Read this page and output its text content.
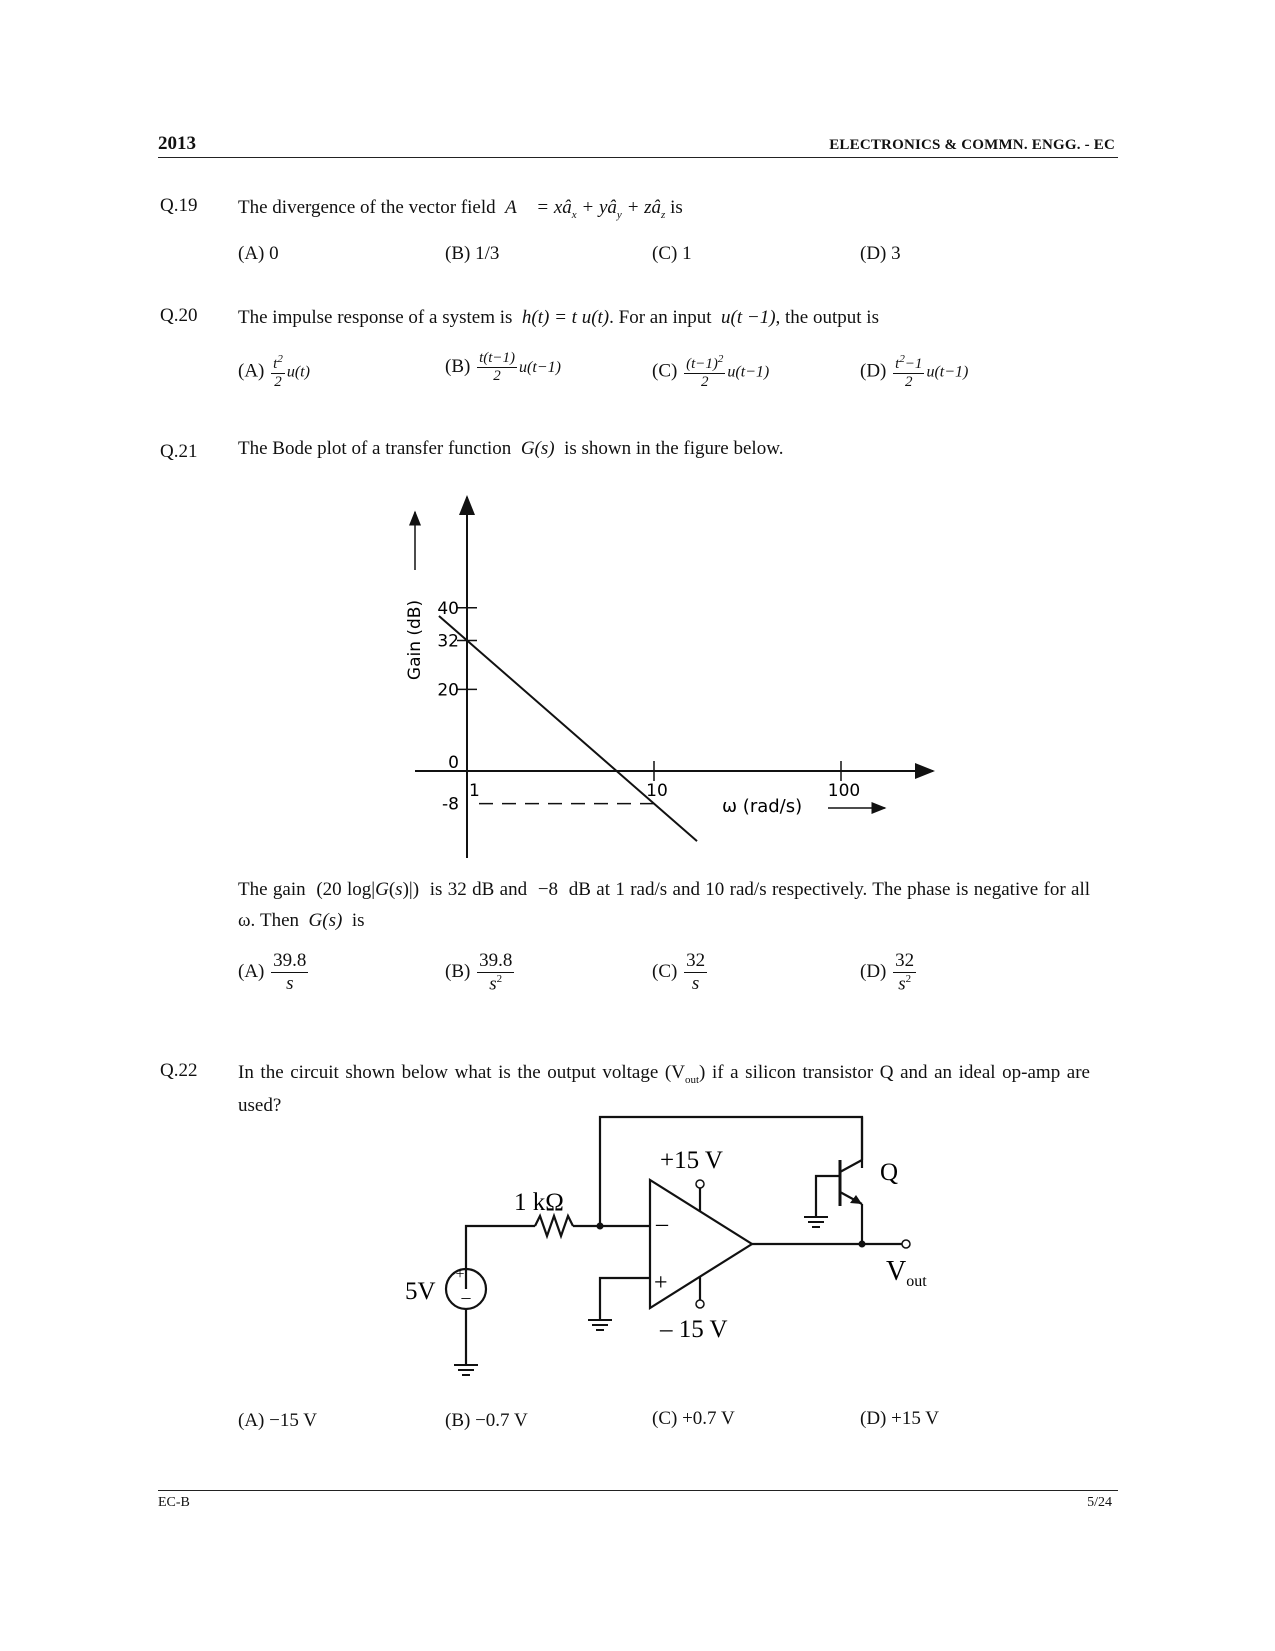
2013	ELECTRONICS & COMMN. ENGG. - EC
Q.19 The divergence of the vector field  A⃗ = $xâ_x$ + $yâ_y$ + $zâ_z$ is
(A) 0	(B) 1/3	(C) 1	(D) 3
Q.20 The impulse response of a system is  h(t) = t u(t). For an input  u(t −1), the output is
$(A) \frac{t^2}{2} u(t)$	$(B) \frac{t(t-1)}{2} u(t-1)$	$(C) \frac{(t-1)^2}{2} u(t-1)$	$(D) \frac{t^2-1}{2} u(t-1)$
Q.21 The Bode plot of a transfer function  G(s)  is shown in the figure below.
Gain (dB) 40
32
20
0
-8
1	10	100
ω (rad/s)
The gain  (20 log|G(s)|)  is 32 dB and  −8  dB at 1 rad/s and 10 rad/s respectively. The phase is negative for all ω. Then  G(s)  is
$(A) \frac{39.8}{s}$	$(B) \frac{39.8}{s^2}$	$(C) \frac{32}{s}$	$(D) \frac{32}{s^2}$
Q.22 In the circuit shown below what is the output voltage $(V_{out})$ if a silicon transistor Q and an ideal op-amp are used?
1 kΩ
5V
+
–
+15 V
– 15 V
–
+
Q
$V_{out}$
(A) −15 V	(B) −0.7 V	(C) +0.7 V	(D) +15 V
EC-B	5/24
